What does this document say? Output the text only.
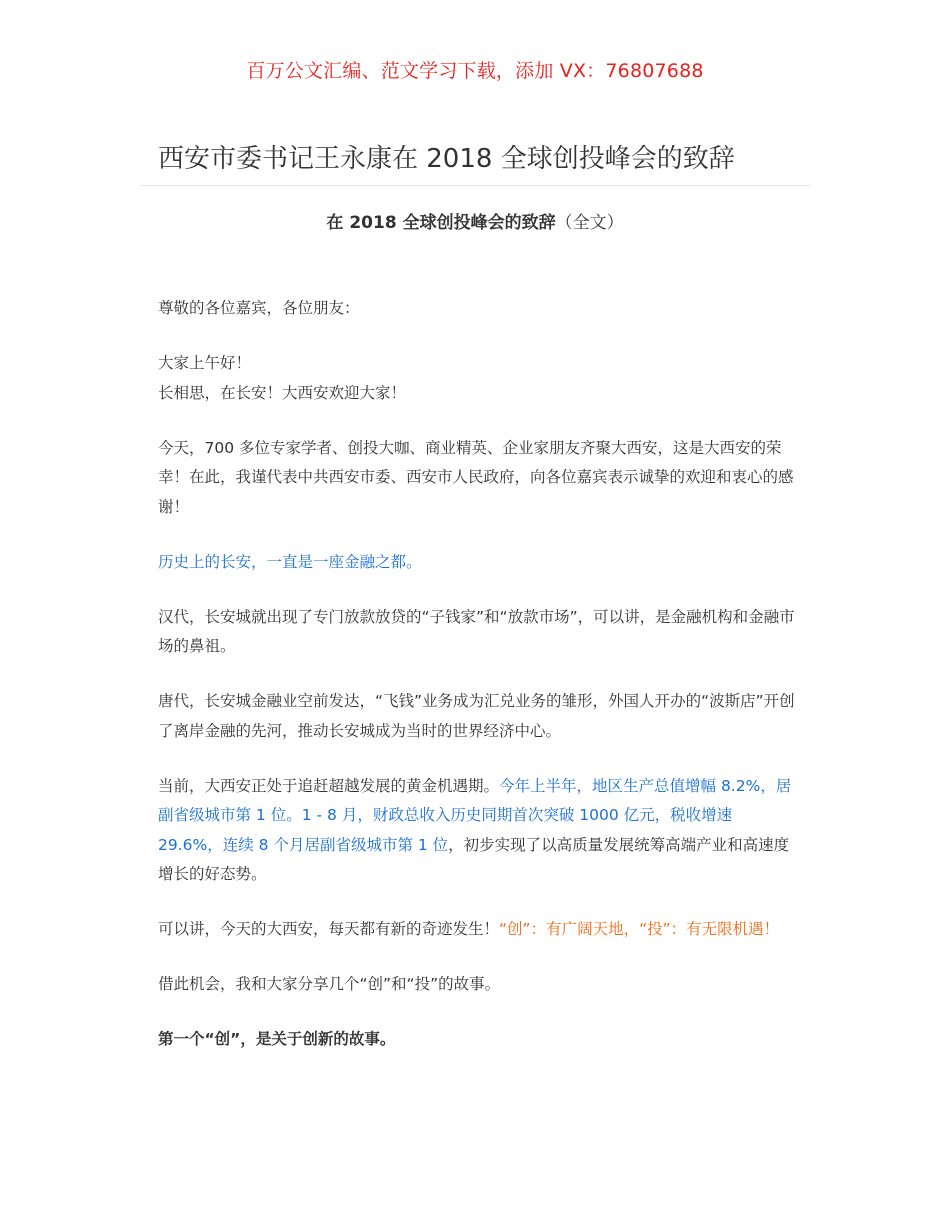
百万公文汇编、范文学习下载，添加 VX：76807688
西安市委书记王永康在 2018 全球创投峰会的致辞
在 2018 全球创投峰会的致辞（全文）

尊敬的各位嘉宾，各位朋友：

大家上午好！
长相思，在长安！大西安欢迎大家！

今天，700 多位专家学者、创投大咖、商业精英、企业家朋友齐聚大西安，这是大西安的荣幸！在此，我谨代表中共西安市委、西安市人民政府，向各位嘉宾表示诚挚的欢迎和衷心的感谢！

历史上的长安，一直是一座金融之都。

汉代，长安城就出现了专门放款放贷的“子钱家”和“放款市场”，可以讲，是金融机构和金融市场的鼻祖。

唐代，长安城金融业空前发达，“飞钱”业务成为汇兑业务的雏形，外国人开办的“波斯店”开创了离岸金融的先河，推动长安城成为当时的世界经济中心。

当前，大西安正处于追赶超越发展的黄金机遇期。今年上半年，地区生产总值增幅 8.2%，居副省级城市第 1 位。1 - 8 月，财政总收入历史同期首次突破 1000 亿元，税收增速 29.6%，连续 8 个月居副省级城市第 1 位，初步实现了以高质量发展统筹高端产业和高速度增长的好态势。

可以讲，今天的大西安，每天都有新的奇迹发生！“创”：有广阔天地，“投”：有无限机遇！

借此机会，我和大家分享几个“创”和“投”的故事。

第一个“创”，是关于创新的故事。
